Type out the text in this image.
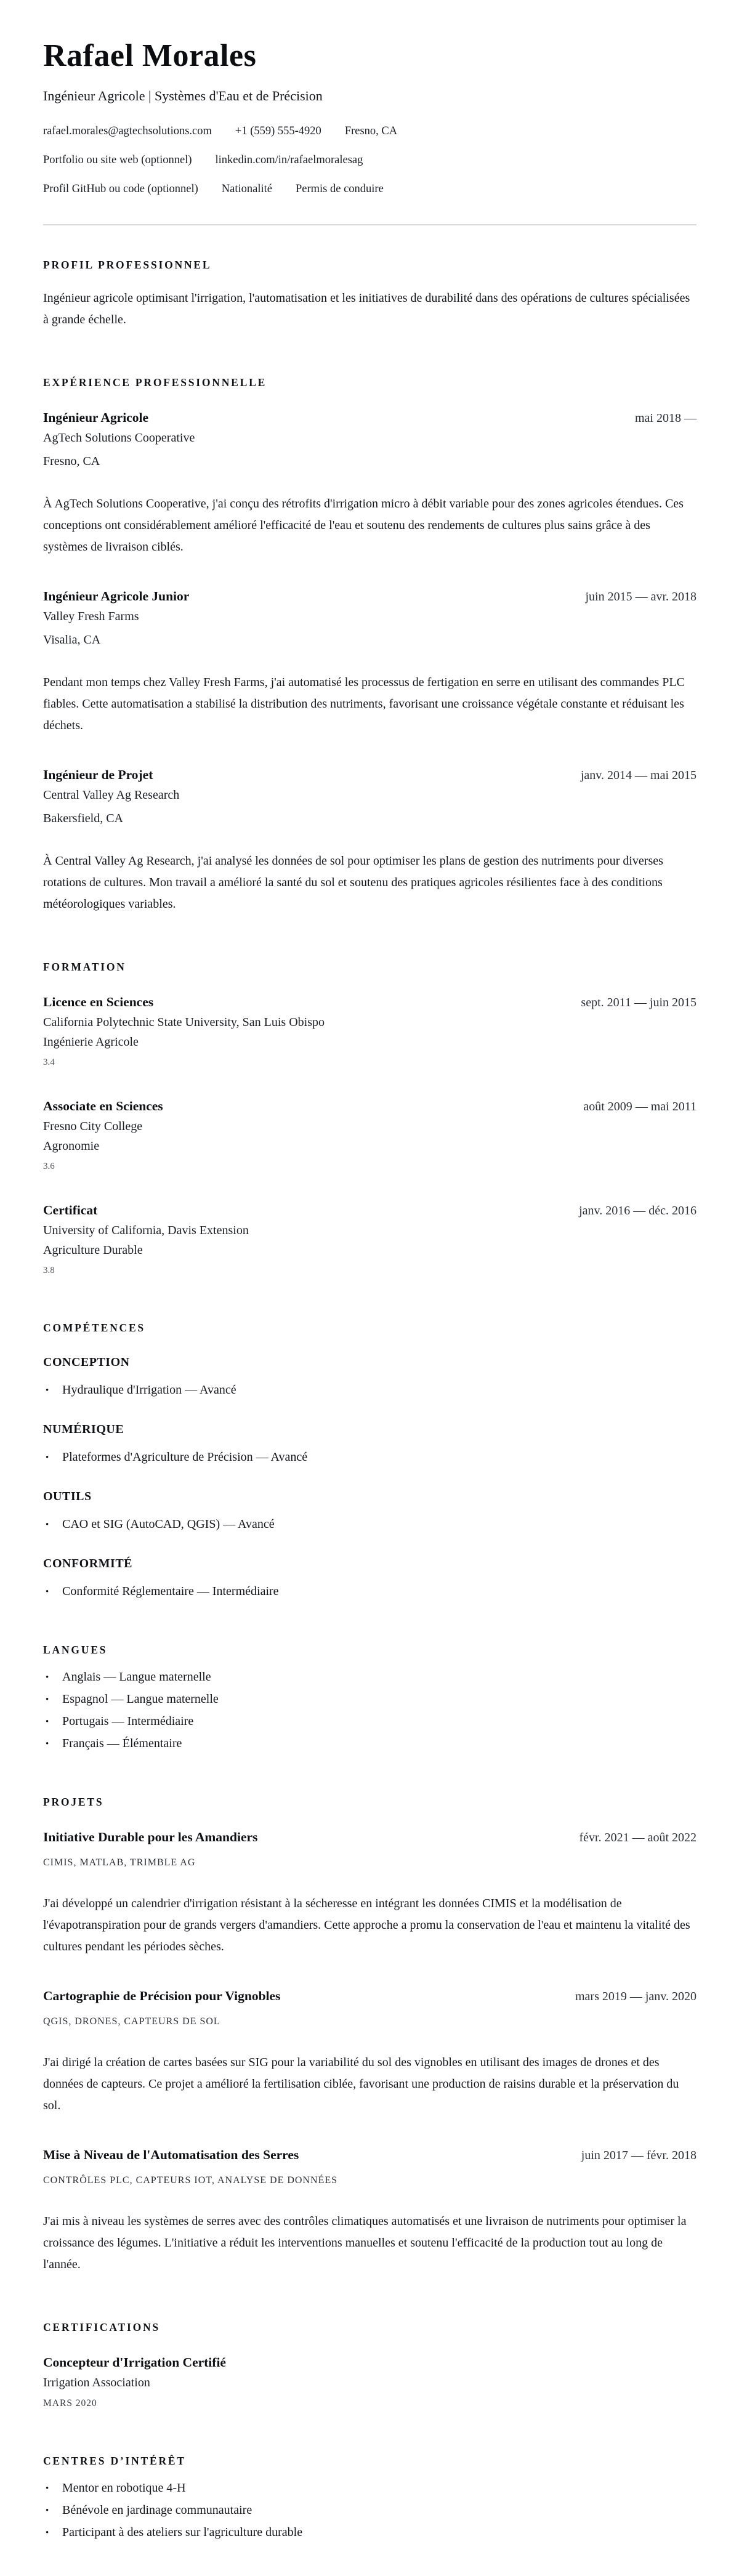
Rafael Morales
Ingénieur Agricole | Systèmes d'Eau et de Précision
rafael.morales@agtechsolutions.com +1 (559) 555-4920 Fresno, CA
Portfolio ou site web (optionnel) linkedin.com/in/rafaelmoralesag
Profil GitHub ou code (optionnel) Nationalité Permis de conduire
PROFIL PROFESSIONNEL

Ingénieur agricole optimisant l'irrigation, l'automatisation et les initiatives de durabilité dans des opérations de cultures spécialisées à grande échelle.

EXPÉRIENCE PROFESSIONNELLE
Ingénieur Agricole	mai 2018 —
AgTech Solutions Cooperative
Fresno, CA

À AgTech Solutions Cooperative, j'ai conçu des rétrofits d'irrigation micro à débit variable pour des zones agricoles étendues. Ces conceptions ont considérablement amélioré l'efficacité de l'eau et soutenu des rendements de cultures plus sains grâce à des systèmes de livraison ciblés.

Ingénieur Agricole Junior	juin 2015 — avr. 2018
Valley Fresh Farms
Visalia, CA

Pendant mon temps chez Valley Fresh Farms, j'ai automatisé les processus de fertigation en serre en utilisant des commandes PLC fiables. Cette automatisation a stabilisé la distribution des nutriments, favorisant une croissance végétale constante et réduisant les déchets.

Ingénieur de Projet	janv. 2014 — mai 2015
Central Valley Ag Research
Bakersfield, CA

À Central Valley Ag Research, j'ai analysé les données de sol pour optimiser les plans de gestion des nutriments pour diverses rotations de cultures. Mon travail a amélioré la santé du sol et soutenu des pratiques agricoles résilientes face à des conditions météorologiques variables.

FORMATION
Licence en Sciences	sept. 2011 — juin 2015
California Polytechnic State University, San Luis Obispo
Ingénierie Agricole
3.4
Associate en Sciences	août 2009 — mai 2011
Fresno City College
Agronomie
3.6
Certificat	janv. 2016 — déc. 2016
University of California, Davis Extension
Agriculture Durable
3.8
COMPÉTENCES
CONCEPTION
• Hydraulique d'Irrigation — Avancé
NUMÉRIQUE
• Plateformes d'Agriculture de Précision — Avancé
OUTILS
• CAO et SIG (AutoCAD, QGIS) — Avancé
CONFORMITÉ
• Conformité Réglementaire — Intermédiaire
LANGUES
• Anglais — Langue maternelle
• Espagnol — Langue maternelle
• Portugais — Intermédiaire
• Français — Élémentaire
PROJETS
Initiative Durable pour les Amandiers	févr. 2021 — août 2022
CIMIS, MATLAB, TRIMBLE AG

J'ai développé un calendrier d'irrigation résistant à la sécheresse en intégrant les données CIMIS et la modélisation de l'évapotranspiration pour de grands vergers d'amandiers. Cette approche a promu la conservation de l'eau et maintenu la vitalité des cultures pendant les périodes sèches.

Cartographie de Précision pour Vignobles	mars 2019 — janv. 2020
QGIS, DRONES, CAPTEURS DE SOL

J'ai dirigé la création de cartes basées sur SIG pour la variabilité du sol des vignobles en utilisant des images de drones et des données de capteurs. Ce projet a amélioré la fertilisation ciblée, favorisant une production de raisins durable et la préservation du sol.

Mise à Niveau de l'Automatisation des Serres	juin 2017 — févr. 2018
CONTRÔLES PLC, CAPTEURS IOT, ANALYSE DE DONNÉES

J'ai mis à niveau les systèmes de serres avec des contrôles climatiques automatisés et une livraison de nutriments pour optimiser la croissance des légumes. L'initiative a réduit les interventions manuelles et soutenu l'efficacité de la production tout au long de l'année.

CERTIFICATIONS
Concepteur d'Irrigation Certifié
Irrigation Association
MARS 2020
CENTRES D’INTÉRÊT
• Mentor en robotique 4-H
• Bénévole en jardinage communautaire
• Participant à des ateliers sur l'agriculture durable
